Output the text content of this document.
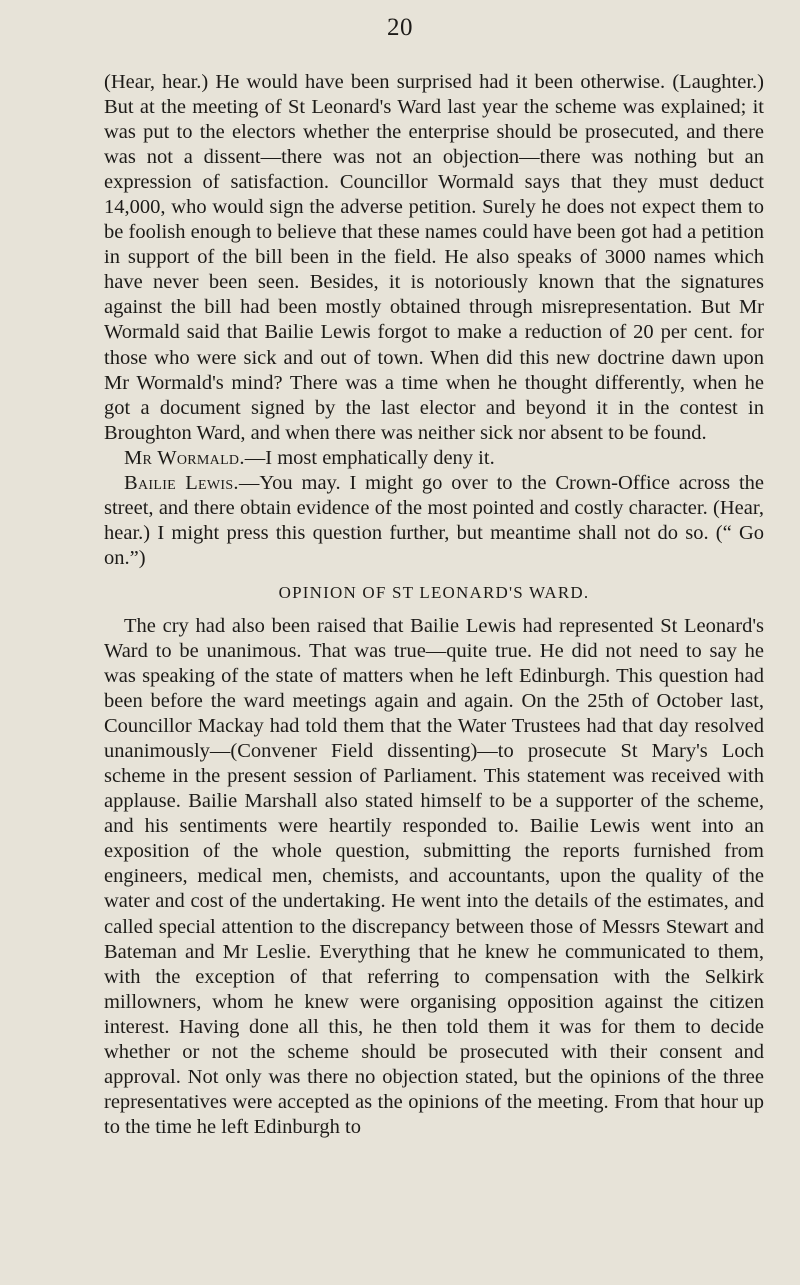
20

(Hear, hear.) He would have been surprised had it been otherwise. (Laughter.) But at the meeting of St Leonard's Ward last year the scheme was explained; it was put to the electors whether the enterprise should be prosecuted, and there was not a dissent—there was not an objection—there was nothing but an expression of satisfaction. Councillor Wormald says that they must deduct 14,000, who would sign the adverse petition. Surely he does not expect them to be foolish enough to believe that these names could have been got had a petition in support of the bill been in the field. He also speaks of 3000 names which have never been seen. Besides, it is notoriously known that the signatures against the bill had been mostly obtained through misrepresentation. But Mr Wormald said that Bailie Lewis forgot to make a reduction of 20 per cent. for those who were sick and out of town. When did this new doctrine dawn upon Mr Wormald's mind? There was a time when he thought differently, when he got a document signed by the last elector and beyond it in the contest in Broughton Ward, and when there was neither sick nor absent to be found.

Mr Wormald.—I most emphatically deny it.

Bailie Lewis.—You may. I might go over to the Crown-Office across the street, and there obtain evidence of the most pointed and costly character. (Hear, hear.) I might press this question further, but meantime shall not do so. (“ Go on.”)

OPINION OF ST LEONARD'S WARD.

The cry had also been raised that Bailie Lewis had represented St Leonard's Ward to be unanimous. That was true—quite true. He did not need to say he was speaking of the state of matters when he left Edinburgh. This question had been before the ward meetings again and again. On the 25th of October last, Councillor Mackay had told them that the Water Trustees had that day resolved unanimously—(Convener Field dissenting)—to prosecute St Mary's Loch scheme in the present session of Parliament. This statement was received with applause. Bailie Marshall also stated himself to be a supporter of the scheme, and his sentiments were heartily responded to. Bailie Lewis went into an exposition of the whole question, submitting the reports furnished from engineers, medical men, chemists, and accountants, upon the quality of the water and cost of the undertaking. He went into the details of the estimates, and called special attention to the discrepancy between those of Messrs Stewart and Bateman and Mr Leslie. Everything that he knew he communicated to them, with the exception of that referring to compensation with the Selkirk millowners, whom he knew were organising opposition against the citizen interest. Having done all this, he then told them it was for them to decide whether or not the scheme should be prosecuted with their consent and approval. Not only was there no objection stated, but the opinions of the three representatives were accepted as the opinions of the meeting. From that hour up to the time he left Edinburgh to
